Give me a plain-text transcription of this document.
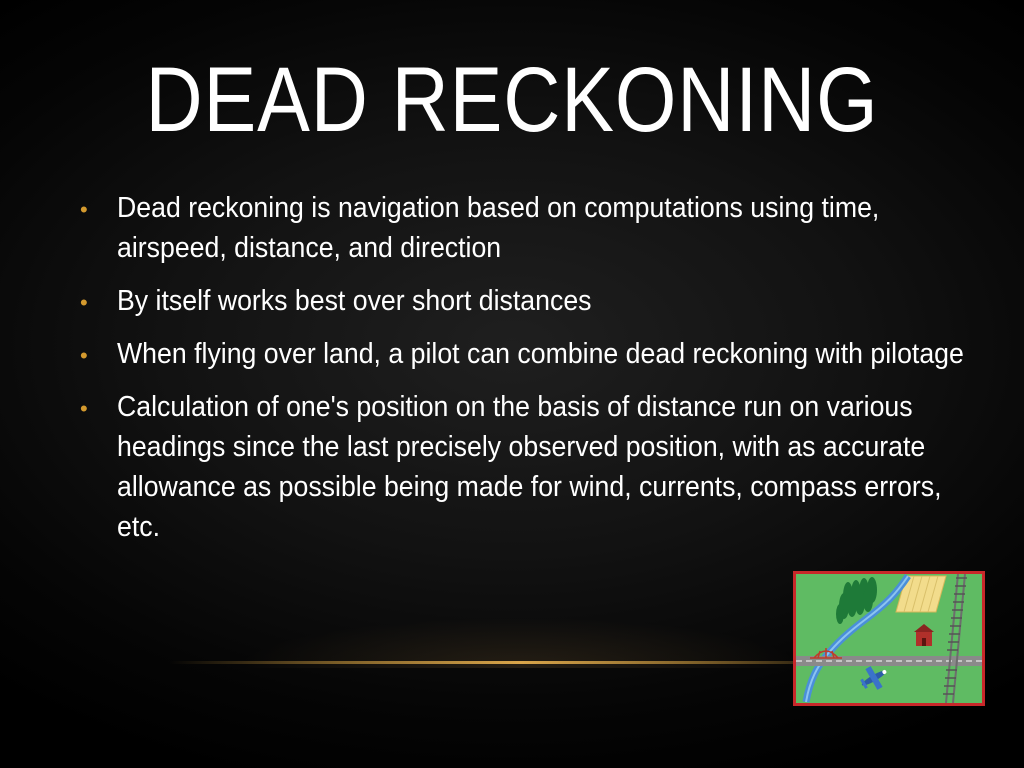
DEAD RECKONING
• Dead reckoning is navigation based on computations using time, airspeed, distance, and direction
• By itself works best over short distances
• When flying over land, a pilot can combine dead reckoning with pilotage
• Calculation of one's position on the basis of distance run on various headings since the last precisely observed position, with as accurate allowance as possible being made for wind, currents, compass errors, etc.
